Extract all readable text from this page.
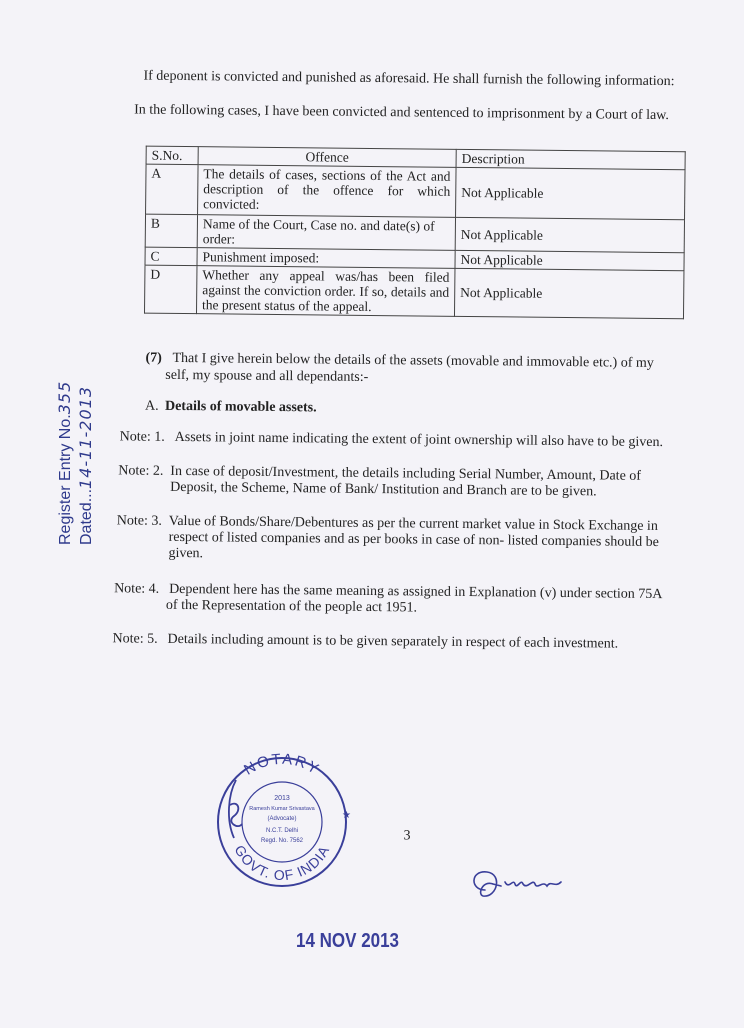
If deponent is convicted and punished as aforesaid. He shall furnish the following information:
In the following cases, I have been convicted and sentenced to imprisonment by a Court of law.
S.No.	Offence	Description
A	The details of cases, sections of the Act and description of the offence for which convicted:	Not Applicable
B	Name of the Court, Case no. and date(s) of order:	Not Applicable
C	Punishment imposed:	Not Applicable
D	Whether any appeal was/has been filed against the conviction order. If so, details and the present status of the appeal.	Not Applicable
(7) That I give herein below the details of the assets (movable and immovable etc.) of my
self, my spouse and all dependants:-
A. Details of movable assets.
Note: 1. Assets in joint name indicating the extent of joint ownership will also have to be given.
Note: 2. In case of deposit/Investment, the details including Serial Number, Amount, Date of
Deposit, the Scheme, Name of Bank/ Institution and Branch are to be given.
Note: 3. Value of Bonds/Share/Debentures as per the current market value in Stock Exchange in
respect of listed companies and as per books in case of non- listed companies should be
given.
Note: 4. Dependent here has the same meaning as assigned in Explanation (v) under section 75A
of the Representation of the people act 1951.
Note: 5. Details including amount is to be given separately in respect of each investment.
3
Register Entry No.355
Dated...14-11-2013
NOTARY
GOVT. OF INDIA
2013
Ramesh Kumar Srivastava
(Advocate)
N.C.T. Delhi
Regd. No. 7562
★
14 NOV 2013
